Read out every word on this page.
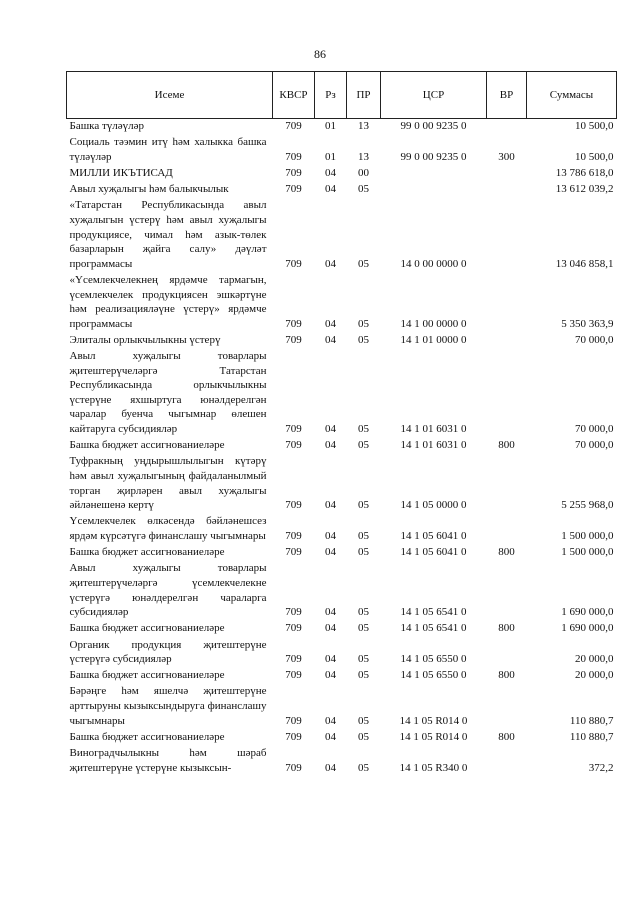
86
Исеме	КВСР	Рз	ПР	ЦСР	ВР	Суммасы
Башка түләүләр	709	01	13	99 0 00 9235 0		10 500,0
Социаль тәэмин итү һәм халыкка башка түләүләр	709	01	13	99 0 00 9235 0	300	10 500,0
МИЛЛИ ИКЪТИСАД	709	04	00			13 786 618,0
Авыл хуҗалыгы һәм балыкчылык	709	04	05			13 612 039,2
«Татарстан Республикасында авыл хуҗалыгын үстерү һәм авыл хуҗалыгы продукциясе, чимал һәм азык-төлек базарларын җайга салу» дәүләт программасы	709	04	05	14 0 00 0000 0		13 046 858,1
«Үсемлекчелекнең ярдәмче тармагын, үсемлекчелек продукциясен эшкәртүне һәм реализацияләүне үстерү» ярдәмче программасы	709	04	05	14 1 00 0000 0		5 350 363,9
Элиталы орлыкчылыкны үстерү	709	04	05	14 1 01 0000 0		70 000,0
Авыл хуҗалыгы товарлары җитештерүчеләргә Татарстан Республикасында орлыкчылыкны үстерүне яхшыртуга юнәлдерелгән чаралар буенча чыгымнар өлешен кайтаруга субсидияләр	709	04	05	14 1 01 6031 0		70 000,0
Башка бюджет ассигнованиеләре	709	04	05	14 1 01 6031 0	800	70 000,0
Туфракның уңдырышлылыгын күтәрү һәм авыл хуҗалыгының файдаланылмый торган җирләрен авыл хуҗалыгы әйләнешенә кертү	709	04	05	14 1 05 0000 0		5 255 968,0
Үсемлекчелек өлкәсендә бәйләнешсез ярдәм күрсәтүгә финанслашу чыгымнары	709	04	05	14 1 05 6041 0		1 500 000,0
Башка бюджет ассигнованиеләре	709	04	05	14 1 05 6041 0	800	1 500 000,0
Авыл хуҗалыгы товарлары җитештерүчеләргә үсемлекчелекне үстерүгә юнәлдерелгән чараларга субсидияләр	709	04	05	14 1 05 6541 0		1 690 000,0
Башка бюджет ассигнованиеләре	709	04	05	14 1 05 6541 0	800	1 690 000,0
Органик продукция җитештерүне үстерүгә субсидияләр	709	04	05	14 1 05 6550 0		20 000,0
Башка бюджет ассигнованиеләре	709	04	05	14 1 05 6550 0	800	20 000,0
Бәрәңге һәм яшелчә җитештерүне арттыруны кызыксындыруга финанслашу чыгымнары	709	04	05	14 1 05 R014 0		110 880,7
Башка бюджет ассигнованиеләре	709	04	05	14 1 05 R014 0	800	110 880,7
Виноградчылыкны һәм шәраб җитештерүне үстерүне кызыксын-	709	04	05	14 1 05 R340 0		372,2
